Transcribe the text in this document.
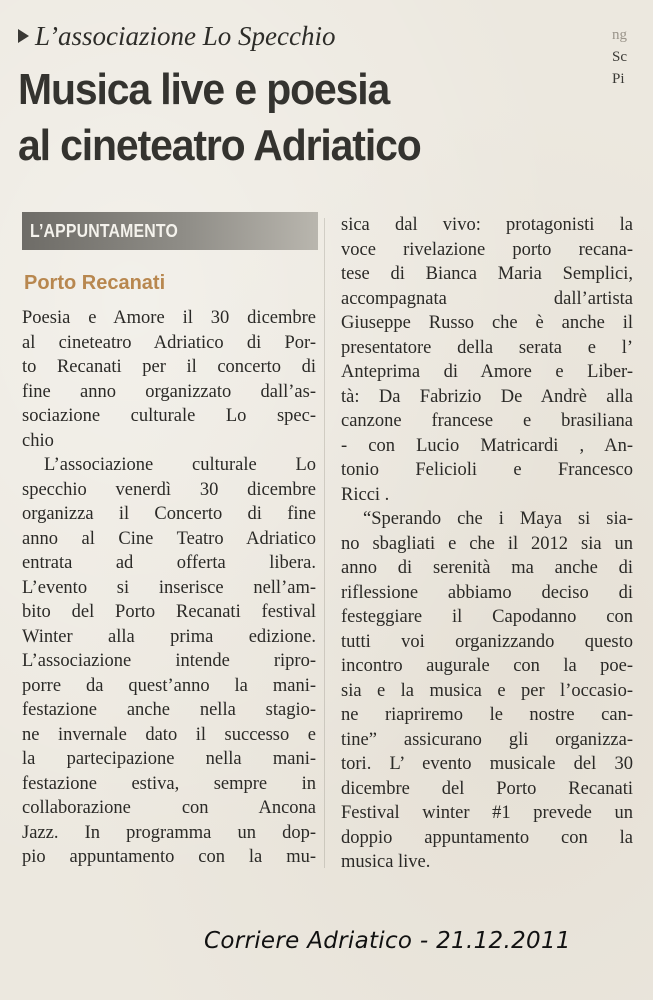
ng
Sc
Pi
L’associazione Lo Specchio
Musica live e poesia
al cineteatro Adriatico
L’APPUNTAMENTO
Porto Recanati
Poesia e Amore il 30 dicembre
al cineteatro Adriatico di Por-
to Recanati per il concerto di
fine anno organizzato dall’as-
sociazione culturale Lo spec-
chio
L’associazione culturale Lo
specchio venerdì 30 dicembre
organizza il Concerto di fine
anno al Cine Teatro Adriatico
entrata ad offerta libera.
L’evento si inserisce nell’am-
bito del Porto Recanati festival
Winter alla prima edizione.
L’associazione intende ripro-
porre da quest’anno la mani-
festazione anche nella stagio-
ne invernale dato il successo e
la partecipazione nella mani-
festazione estiva, sempre in
collaborazione con Ancona
Jazz. In programma un dop-
pio appuntamento con la mu-
sica dal vivo: protagonisti la
voce rivelazione porto recana-
tese di Bianca Maria Semplici,
accompagnata dall’artista
Giuseppe Russo che è anche il
presentatore della serata e l’
Anteprima di Amore e Liber-
tà: Da Fabrizio De Andrè alla
canzone francese e brasiliana
- con Lucio Matricardi , An-
tonio Felicioli e Francesco
Ricci .
“Sperando che i Maya si sia-
no sbagliati e che il 2012 sia un
anno di serenità ma anche di
riflessione abbiamo deciso di
festeggiare il Capodanno con
tutti voi organizzando questo
incontro augurale con la poe-
sia e la musica e per l’occasio-
ne riapriremo le nostre can-
tine” assicurano gli organizza-
tori. L’ evento musicale del 30
dicembre del Porto Recanati
Festival winter #1 prevede un
doppio appuntamento con la
musica live.
Corriere Adriatico - 21.12.2011
